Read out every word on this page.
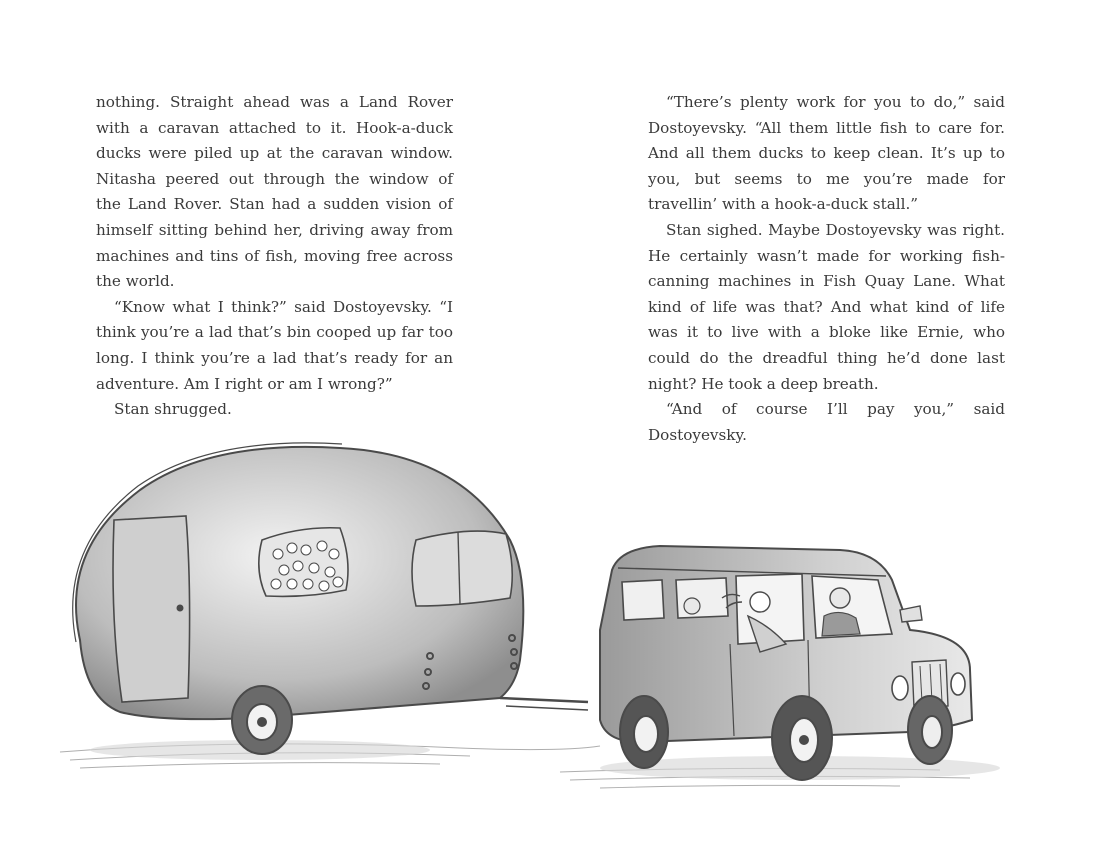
nothing. Straight ahead was a Land Rover with a caravan attached to it. Hook-a-duck ducks were piled up at the caravan window. Nitasha peered out through the window of the Land Rover. Stan had a sudden vision of himself sitting behind her, driving away from machines and tins of fish, moving free across the world.

“Know what I think?” said Dostoyevsky. “I think you’re a lad that’s bin cooped up far too long. I think you’re a lad that’s ready for an adventure. Am I right or am I wrong?”

Stan shrugged.

“There’s plenty work for you to do,” said Dostoyevsky. “All them little fish to care for. And all them ducks to keep clean. It’s up to you, but seems to me you’re made for travellin’ with a hook-a-duck stall.”

Stan sighed. Maybe Dostoyevsky was right. He certainly wasn’t made for working fish-canning machines in Fish Quay Lane. What kind of life was that? And what kind of life was it to live with a bloke like Ernie, who could do the dreadful thing he’d done last night? He took a deep breath.

“And of course I’ll pay you,” said Dostoyevsky.
